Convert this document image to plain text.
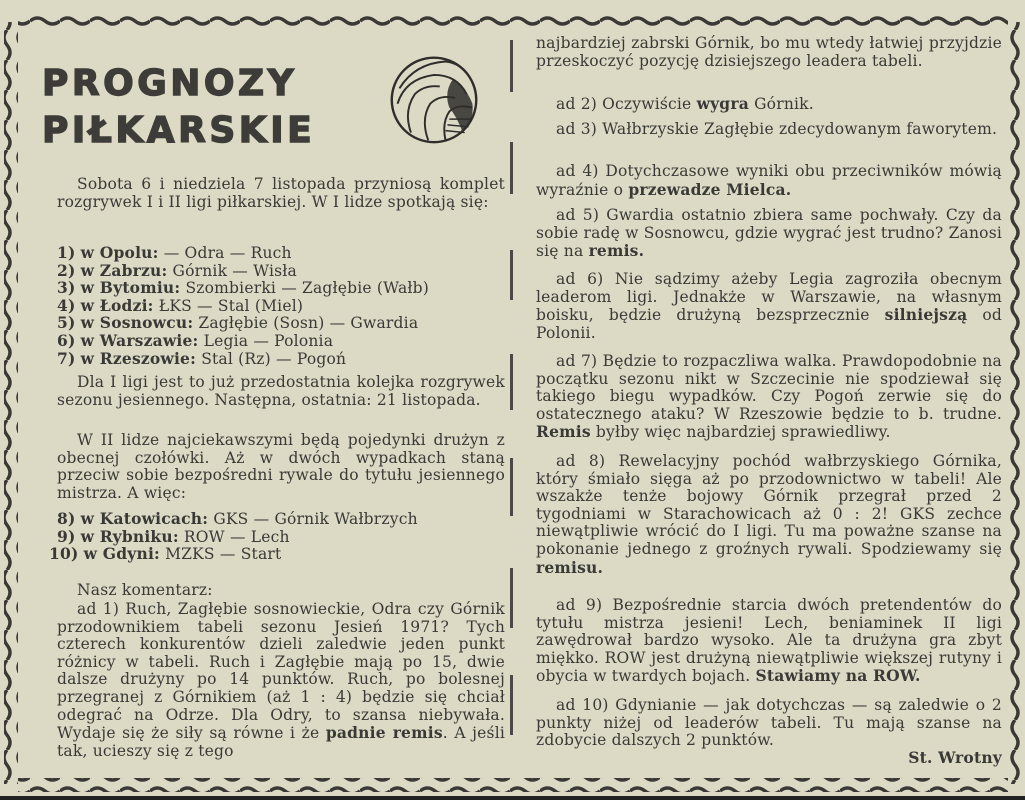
PROGNOZY
PIŁKARSKIE

Sobota 6 i niedziela 7 listopada przyniosą komplet rozgrywek I i II ligi piłkarskiej. W I lidze spotkają się:

1) w Opolu: — Odra — Ruch
2) w Zabrzu: Górnik — Wisła
3) w Bytomiu: Szombierki — Zagłębie (Wałb)
4) w Łodzi: ŁKS — Stal (Miel)
5) w Sosnowcu: Zagłębie (Sosn) — Gwardia
6) w Warszawie: Legia — Polonia
7) w Rzeszowie: Stal (Rz) — Pogoń

Dla I ligi jest to już przedostatnia kolejka rozgrywek sezonu jesiennego. Następna, ostatnia: 21 listopada.

W II lidze najciekawszymi będą pojedynki drużyn z obecnej czołówki. Aż w dwóch wypadkach staną przeciw sobie bezpośredni rywale do tytułu jesiennego mistrza. A więc:

8) w Katowicach: GKS — Górnik Wałbrzych
9) w Rybniku: ROW — Lech
10) w Gdyni: MZKS — Start

Nasz komentarz:

ad 1) Ruch, Zagłębie sosnowieckie, Odra czy Górnik przodownikiem tabeli sezonu Jesień 1971? Tych czterech konkurentów dzieli zaledwie jeden punkt różnicy w tabeli. Ruch i Zagłębie mają po 15, dwie dalsze drużyny po 14 punktów. Ruch, po bolesnej przegranej z Górnikiem (aż 1 : 4) będzie się chciał odegrać na Odrze. Dla Odry, to szansa niebywała. Wydaje się że siły są równe i że padnie remis. A jeśli tak, ucieszy się z tego

najbardziej zabrski Górnik, bo mu wtedy łatwiej przyjdzie przeskoczyć pozycję dzisiejszego leadera tabeli.

ad 2) Oczywiście wygra Górnik.

ad 3) Wałbrzyskie Zagłębie zdecydowanym faworytem.

ad 4) Dotychczasowe wyniki obu przeciwników mówią wyraźnie o przewadze Mielca.

ad 5) Gwardia ostatnio zbiera same pochwały. Czy da sobie radę w Sosnowcu, gdzie wygrać jest trudno? Zanosi się na remis.

ad 6) Nie sądzimy ażeby Legia zagroziła obecnym leaderom ligi. Jednakże w Warszawie, na własnym boisku, będzie drużyną bezsprzecznie silniejszą od Polonii.

ad 7) Będzie to rozpaczliwa walka. Prawdopodobnie na początku sezonu nikt w Szczecinie nie spodziewał się takiego biegu wypadków. Czy Pogoń zerwie się do ostatecznego ataku? W Rzeszowie będzie to b. trudne. Remis byłby więc najbardziej sprawiedliwy.

ad 8) Rewelacyjny pochód wałbrzyskiego Górnika, który śmiało sięga aż po przodownictwo w tabeli! Ale wszakże tenże bojowy Górnik przegrał przed 2 tygodniami w Starachowicach aż 0 : 2! GKS zechce niewątpliwie wrócić do I ligi. Tu ma poważne szanse na pokonanie jednego z groźnych rywali. Spodziewamy się remisu.

ad 9) Bezpośrednie starcia dwóch pretendentów do tytułu mistrza jesieni! Lech, beniaminek II ligi zawędrował bardzo wysoko. Ale ta drużyna gra zbyt miękko. ROW jest drużyną niewątpliwie większej rutyny i obycia w twardych bojach. Stawiamy na ROW.

ad 10) Gdynianie — jak dotychczas — są zaledwie o 2 punkty niżej od leaderów tabeli. Tu mają szanse na zdobycie dalszych 2 punktów.

St. Wrotny
